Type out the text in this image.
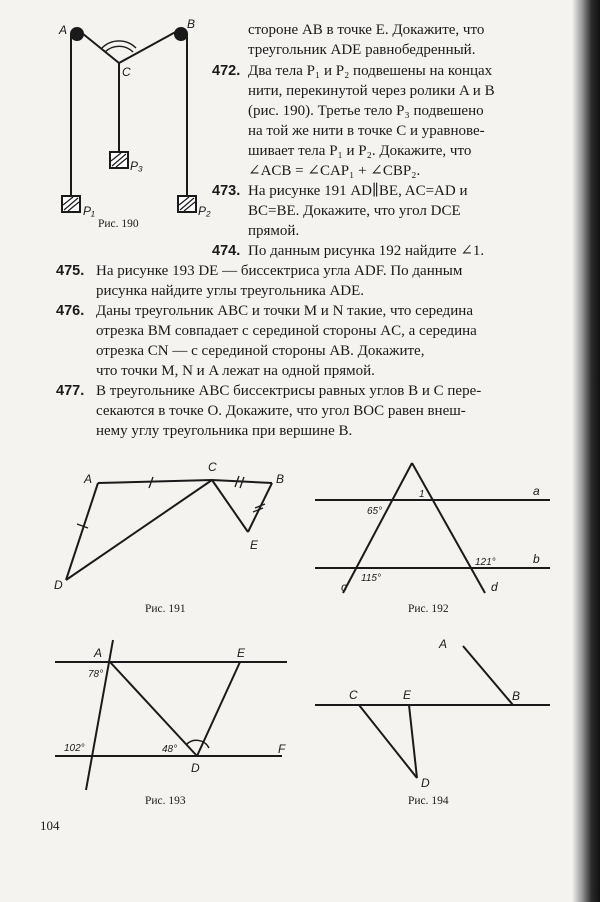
A	B
C
P₃
P₁	P₂
Рис. 190
стороне AB в точке E. Докажите, что
треугольник ADE равнобедренный.
472. Два тела P₁ и P₂ подвешены на концах
нити, перекинутой через ролики A и B
(рис. 190). Третье тело P₃ подвешено
на той же нити в точке C и уравнове-
шивает тела P₁ и P₂. Докажите, что
∠ACB = ∠CAP₁ + ∠CBP₂.
473. На рисунке 191 AD∥BE, AC=AD и
BC=BE. Докажите, что угол DCE
прямой.
474. По данным рисунка 192 найдите ∠1.
475. На рисунке 193 DE — биссектриса угла ADF. По данным
рисунка найдите углы треугольника ADE.
476. Даны треугольник ABC и точки M и N такие, что середина
отрезка BM совпадает с серединой стороны AC, а середина
отрезка CN — с серединой стороны AB. Докажите,
что точки M, N и A лежат на одной прямой.
477. В треугольнике ABC биссектрисы равных углов B и C пере-
секаются в точке O. Докажите, что угол BOC равен внеш-
нему углу треугольника при вершине B.
A
C
B
D
E
Рис. 191
a
b
c	d
1
65°
121°
115°
Рис. 192
A	E
D
F
78°
102°	48°
Рис. 193
A
B
C	E
D
Рис. 194
104
